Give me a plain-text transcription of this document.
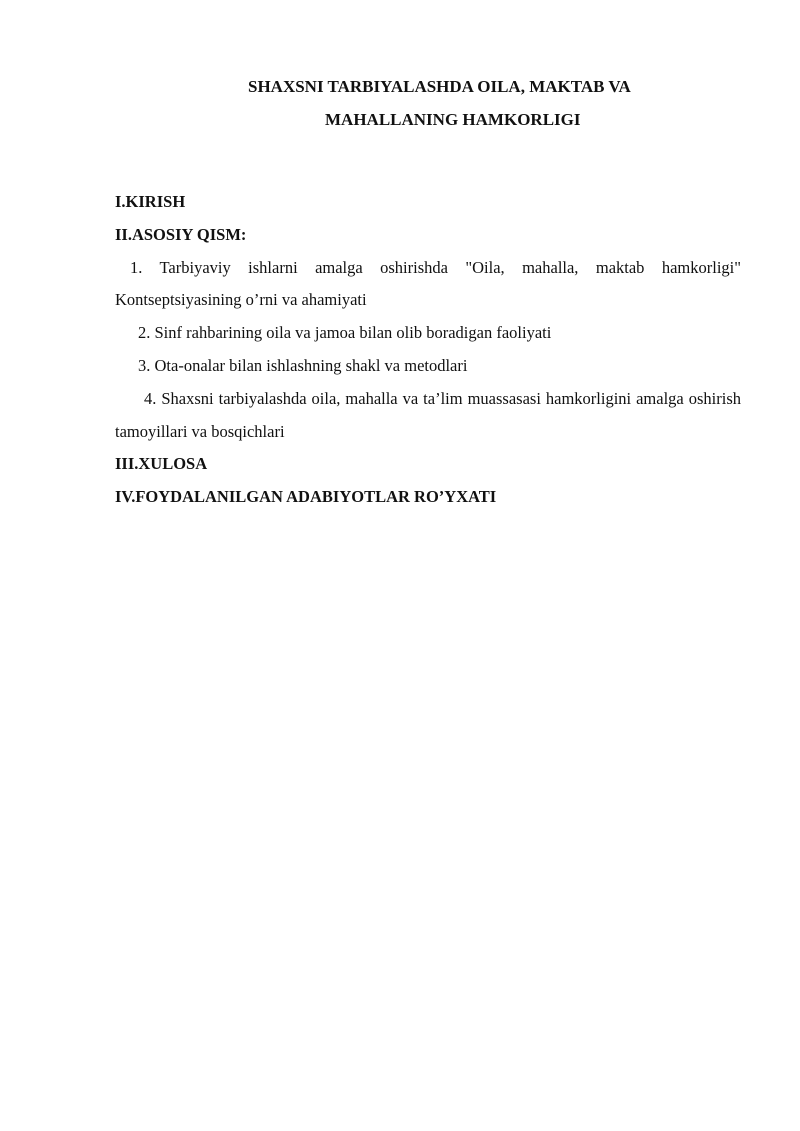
SHAXSNI TARBIYALASHDA OILA, MAKTAB VA
MAHALLANING HAMKORLIGI
I.KIRISH
II.ASOSIY QISM:
1. Tarbiyaviy ishlarni amalga oshirishda "Oila, mahalla, maktab hamkorligi" Kontseptsiyasining o’rni va ahamiyati
2. Sinf rahbarining oila va jamoa bilan olib boradigan faoliyati
3. Ota-onalar bilan ishlashning shakl va metodlari
4. Shaxsni tarbiyalashda oila, mahalla va ta’lim muassasasi hamkorligini amalga oshirish tamoyillari va bosqichlari
III.XULOSA
IV.FOYDALANILGAN ADABIYOTLAR RO’YXATI
